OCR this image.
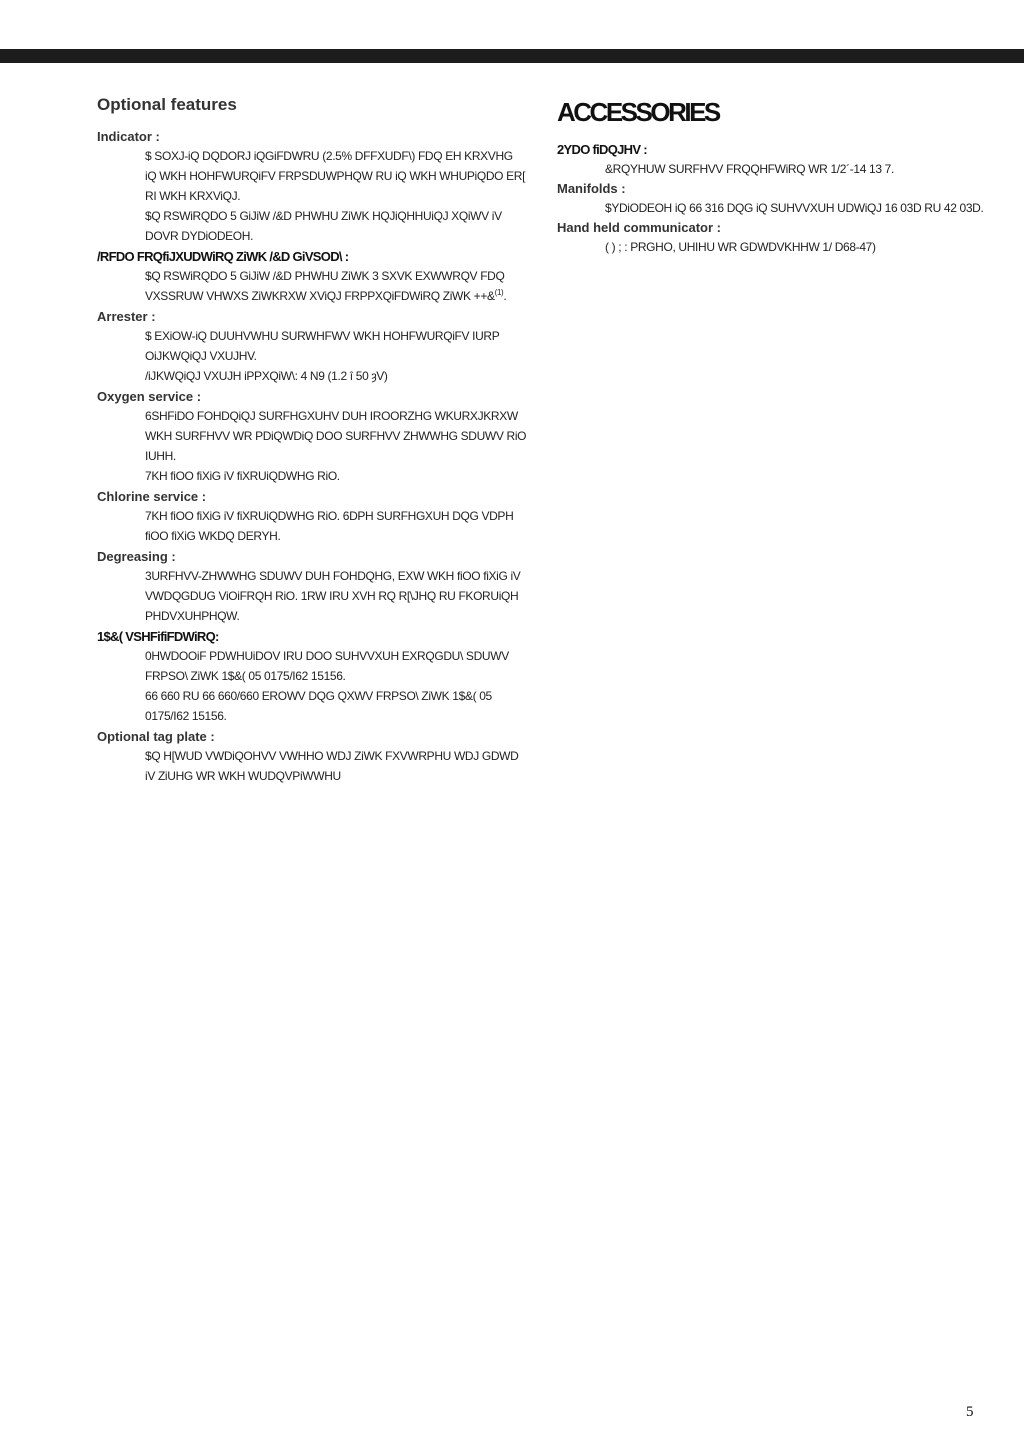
Optional features

Indicator :

$ SOXJ-iQ DQDORJ iQGiFDWRU (2.5% DFFXUDF\) FDQ EH KRXVHG iQ WKH HOHFWURQiFV FRPSDUWPHQW RU iQ WKH WHUPiQDO ER[ RI WKH KRXViQJ.

$Q RSWiRQDO 5 GiJiW /&D PHWHU ZiWK HQJiQHHUiQJ XQiWV iV DOVR DYDiODEOH.

/RFDO FRQfiJXUDWiRQ ZiWK /&D GiVSOD\ :

$Q RSWiRQDO 5 GiJiW /&D PHWHU ZiWK 3 SXVK EXWWRQV FDQ VXSSRUW VHWXS ZiWKRXW XViQJ FRPPXQiFDWiRQ ZiWK ++&$^{(1)}$.

Arrester :

$ EXiOW-iQ DUUHVWHU SURWHFWV WKH HOHFWURQiFV IURP OiJKWQiQJ VXUJHV.

/iJKWQiQJ VXUJH iPPXQiW\: 4 N9 (1.2 î 50 ȝV)

Oxygen service :

6SHFiDO FOHDQiQJ SURFHGXUHV DUH IROORZHG WKURXJKRXW WKH SURFHVV WR PDiQWDiQ DOO SURFHVV ZHWWHG SDUWV RiO IUHH.

7KH fiOO fiXiG iV fiXRUiQDWHG RiO.

Chlorine service :

7KH fiOO fiXiG iV fiXRUiQDWHG RiO. 6DPH SURFHGXUH DQG VDPH fiOO fiXiG WKDQ DERYH.

Degreasing :

3URFHVV-ZHWWHG SDUWV DUH FOHDQHG, EXW WKH fiOO fiXiG iV VWDQGDUG ViOiFRQH RiO. 1RW IRU XVH RQ R[\JHQ RU FKORUiQH PHDVXUHPHQW.

1$&( VSHFifiFDWiRQ:

0HWDOOiF PDWHUiDOV IRU DOO SUHVVXUH EXRQGDU\ SDUWV FRPSO\ ZiWK 1$&( 05 0175/I62 15156.

66 660 RU 66 660/660 EROWV DQG QXWV FRPSO\ ZiWK 1$&( 05 0175/I62 15156.

Optional tag plate :

$Q H[WUD VWDiQOHVV VWHHO WDJ ZiWK FXVWRPHU WDJ GDWD iV ZiUHG WR WKH WUDQVPiWWHU

ACCESSORIES

2YDO fiDQJHV :

&RQYHUW SURFHVV FRQQHFWiRQ WR 1/2´-14 13 7.

Manifolds :

$YDiODEOH iQ 66 316 DQG iQ SUHVVXUH UDWiQJ 16 03D RU 42 03D.

Hand held communicator :

( ) ; : PRGHO, UHIHU WR GDWDVKHHW 1/ D68-47)

5
